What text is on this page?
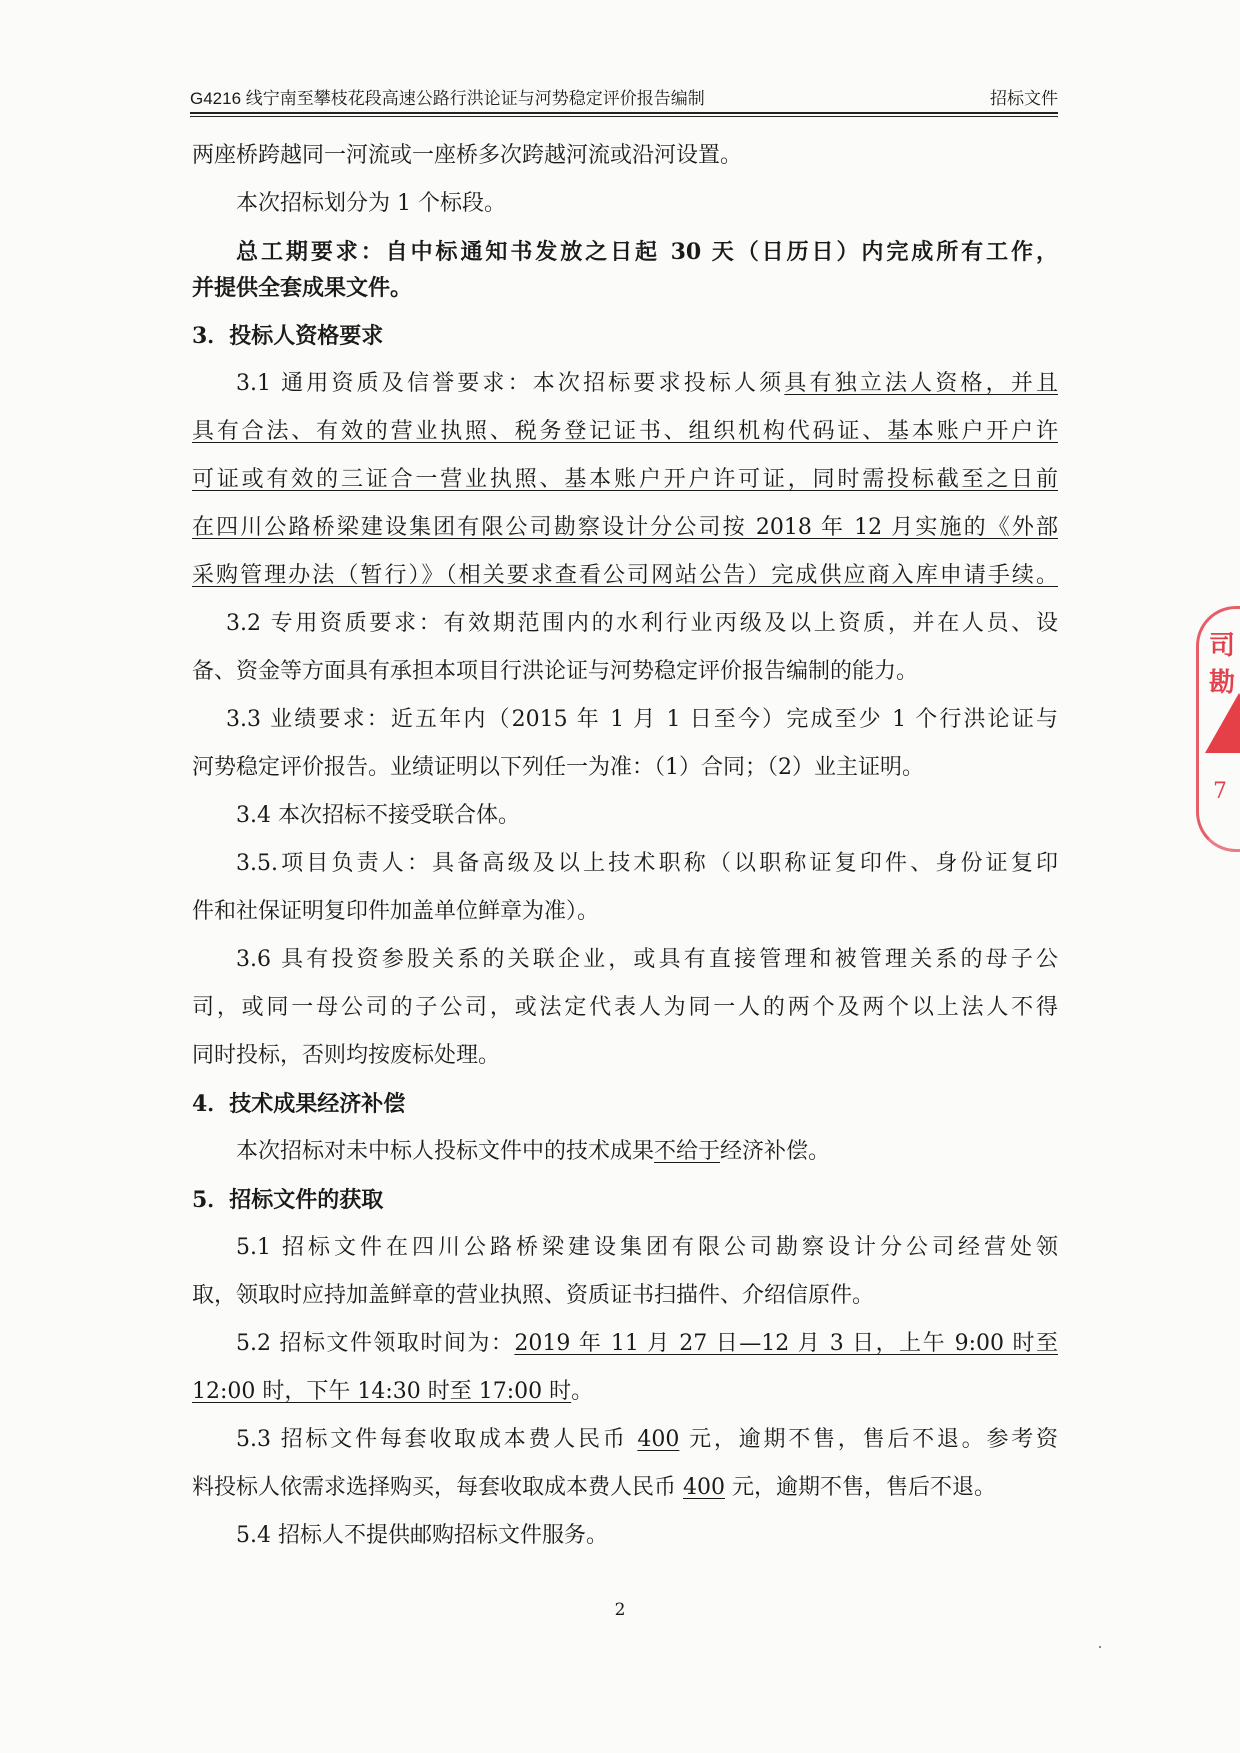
G4216 线宁南至攀枝花段高速公路行洪论证与河势稳定评价报告编制	招标文件
两座桥跨越同一河流或一座桥多次跨越河流或沿河设置。
本次招标划分为 1 个标段。
总工期要求：自中标通知书发放之日起 30 天（日历日）内完成所有工作，
并提供全套成果文件。
3．投标人资格要求
3.1 通用资质及信誉要求：本次招标要求投标人须具有独立法人资格，并且
具有合法、有效的营业执照、税务登记证书、组织机构代码证、基本账户开户许
可证或有效的三证合一营业执照、基本账户开户许可证，同时需投标截至之日前
在四川公路桥梁建设集团有限公司勘察设计分公司按 2018 年 12 月实施的《外部
采购管理办法（暂行）》（相关要求查看公司网站公告）完成供应商入库申请手续。
3.2 专用资质要求：有效期范围内的水利行业丙级及以上资质，并在人员、设
备、资金等方面具有承担本项目行洪论证与河势稳定评价报告编制的能力。
3.3 业绩要求：近五年内（2015 年 1 月 1 日至今）完成至少 1 个行洪论证与
河势稳定评价报告。业绩证明以下列任一为准：（1）合同；（2）业主证明。
3.4 本次招标不接受联合体。
3.5.项目负责人：具备高级及以上技术职称（以职称证复印件、身份证复印
件和社保证明复印件加盖单位鲜章为准）。
3.6 具有投资参股关系的关联企业，或具有直接管理和被管理关系的母子公
司，或同一母公司的子公司，或法定代表人为同一人的两个及两个以上法人不得
同时投标，否则均按废标处理。
4．技术成果经济补偿
本次招标对未中标人投标文件中的技术成果不给于经济补偿。
5．招标文件的获取
5.1 招标文件在四川公路桥梁建设集团有限公司勘察设计分公司经营处领
取，领取时应持加盖鲜章的营业执照、资质证书扫描件、介绍信原件。
5.2 招标文件领取时间为：2019 年 11 月 27 日—12 月 3 日，上午 9:00 时至
12:00 时，下午 14:30 时至 17:00 时。
5.3 招标文件每套收取成本费人民币 400 元，逾期不售，售后不退。参考资
料投标人依需求选择购买，每套收取成本费人民币 400 元，逾期不售，售后不退。
5.4 招标人不提供邮购招标文件服务。
2
司勘
7
